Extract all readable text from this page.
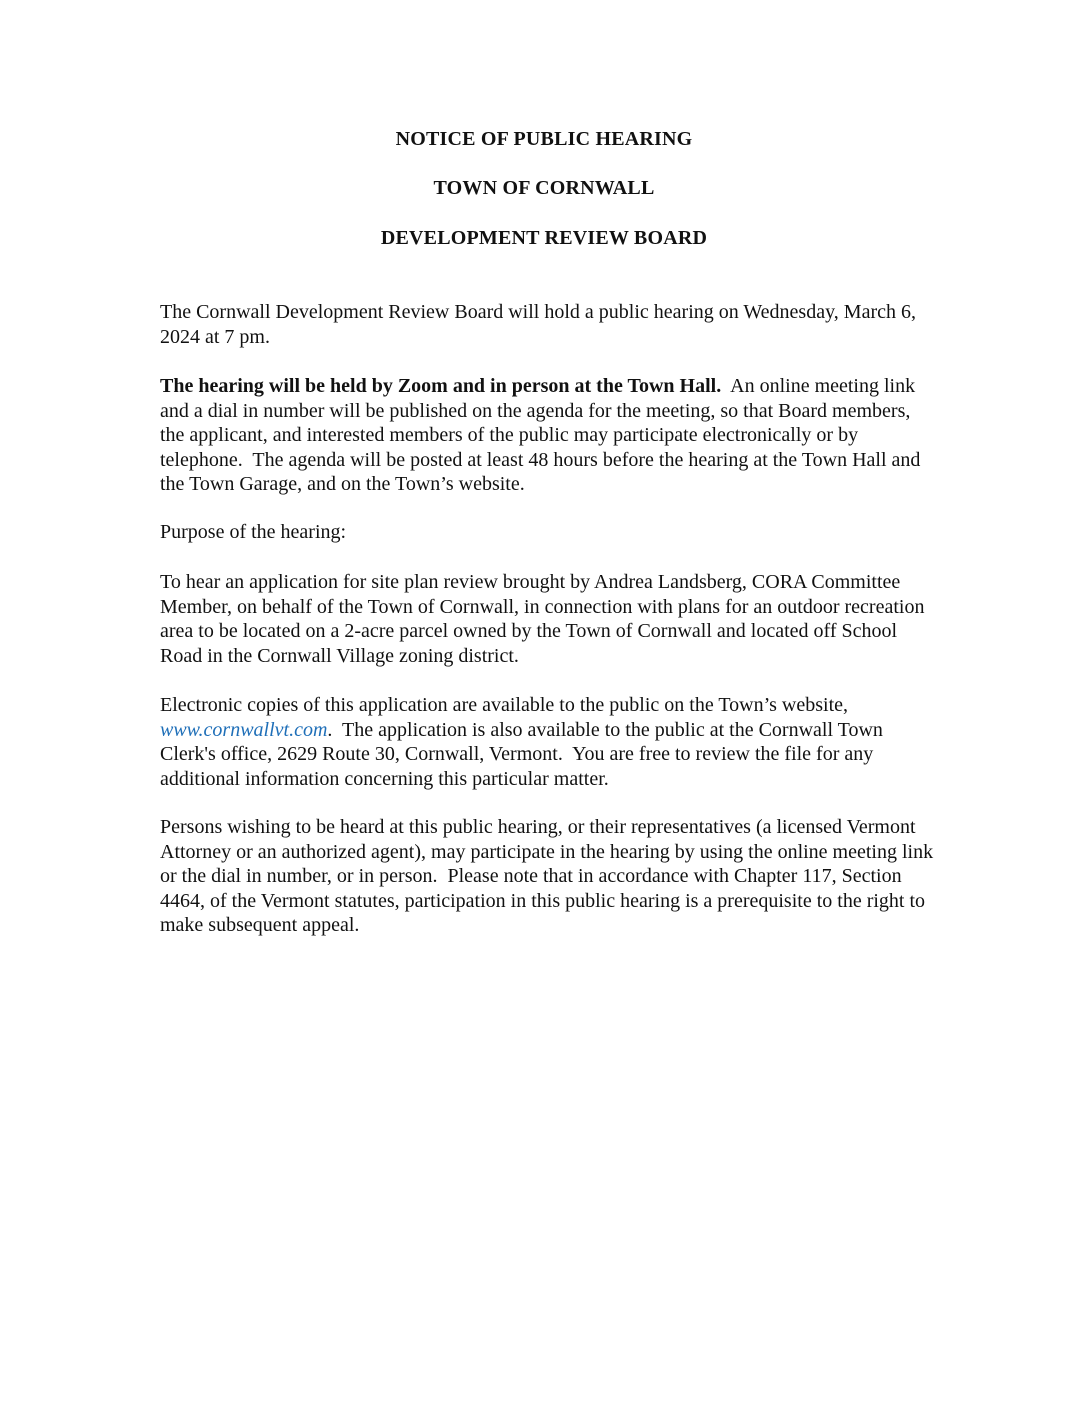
NOTICE OF PUBLIC HEARING
TOWN OF CORNWALL
DEVELOPMENT REVIEW BOARD

The Cornwall Development Review Board will hold a public hearing on Wednesday, March 6, 2024 at 7 pm.

The hearing will be held by Zoom and in person at the Town Hall.  An online meeting link and a dial in number will be published on the agenda for the meeting, so that Board members, the applicant, and interested members of the public may participate electronically or by telephone.  The agenda will be posted at least 48 hours before the hearing at the Town Hall and the Town Garage, and on the Town’s website.

Purpose of the hearing:

To hear an application for site plan review brought by Andrea Landsberg, CORA Committee Member, on behalf of the Town of Cornwall, in connection with plans for an outdoor recreation area to be located on a 2-acre parcel owned by the Town of Cornwall and located off School Road in the Cornwall Village zoning district.

Electronic copies of this application are available to the public on the Town’s website, www.cornwallvt.com.  The application is also available to the public at the Cornwall Town Clerk's office, 2629 Route 30, Cornwall, Vermont.  You are free to review the file for any additional information concerning this particular matter.

Persons wishing to be heard at this public hearing, or their representatives (a licensed Vermont Attorney or an authorized agent), may participate in the hearing by using the online meeting link or the dial in number, or in person.  Please note that in accordance with Chapter 117, Section 4464, of the Vermont statutes, participation in this public hearing is a prerequisite to the right to make subsequent appeal.
